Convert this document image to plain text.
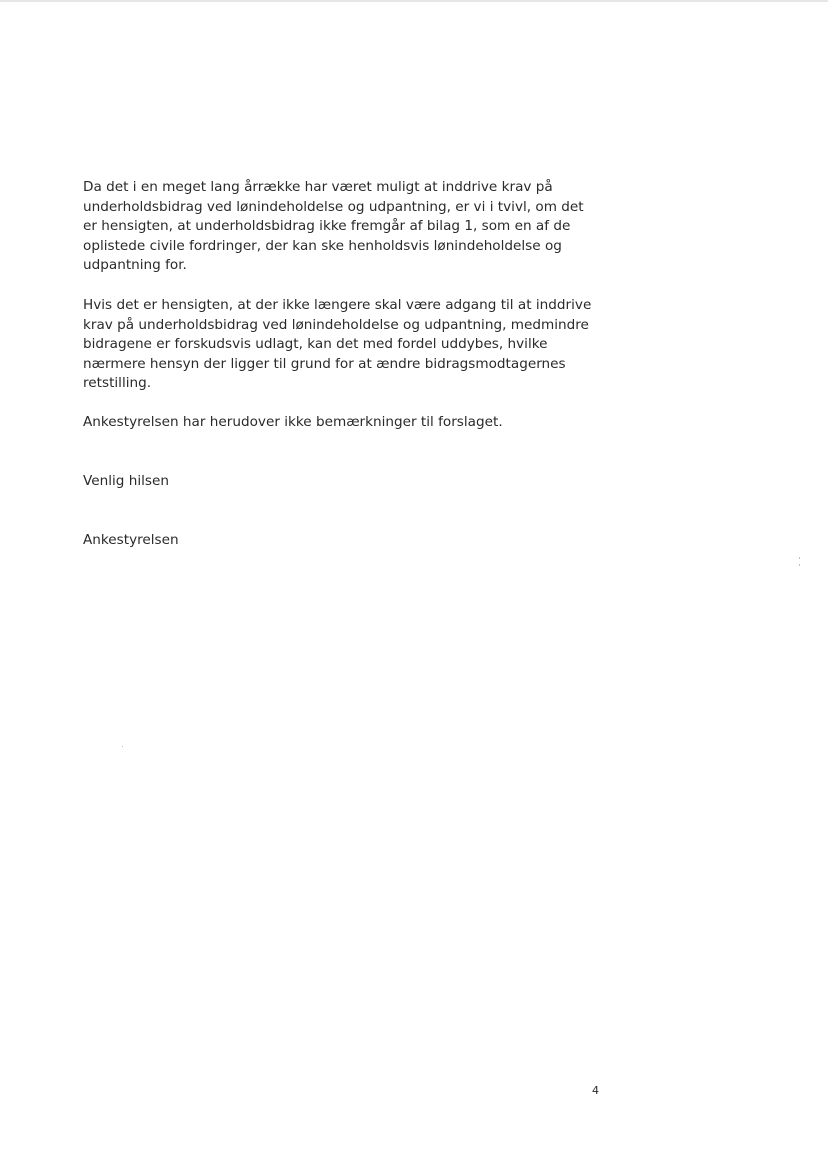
Da det i en meget lang årrække har været muligt at inddrive krav på
underholdsbidrag ved lønindeholdelse og udpantning, er vi i tvivl, om det
er hensigten, at underholdsbidrag ikke fremgår af bilag 1, som en af de
oplistede civile fordringer, der kan ske henholdsvis lønindeholdelse og
udpantning for.

Hvis det er hensigten, at der ikke længere skal være adgang til at inddrive
krav på underholdsbidrag ved lønindeholdelse og udpantning, medmindre
bidragene er forskudsvis udlagt, kan det med fordel uddybes, hvilke
nærmere hensyn der ligger til grund for at ændre bidragsmodtagernes
retstilling.

Ankestyrelsen har herudover ikke bemærkninger til forslaget.

Venlig hilsen

Ankestyrelsen

4
